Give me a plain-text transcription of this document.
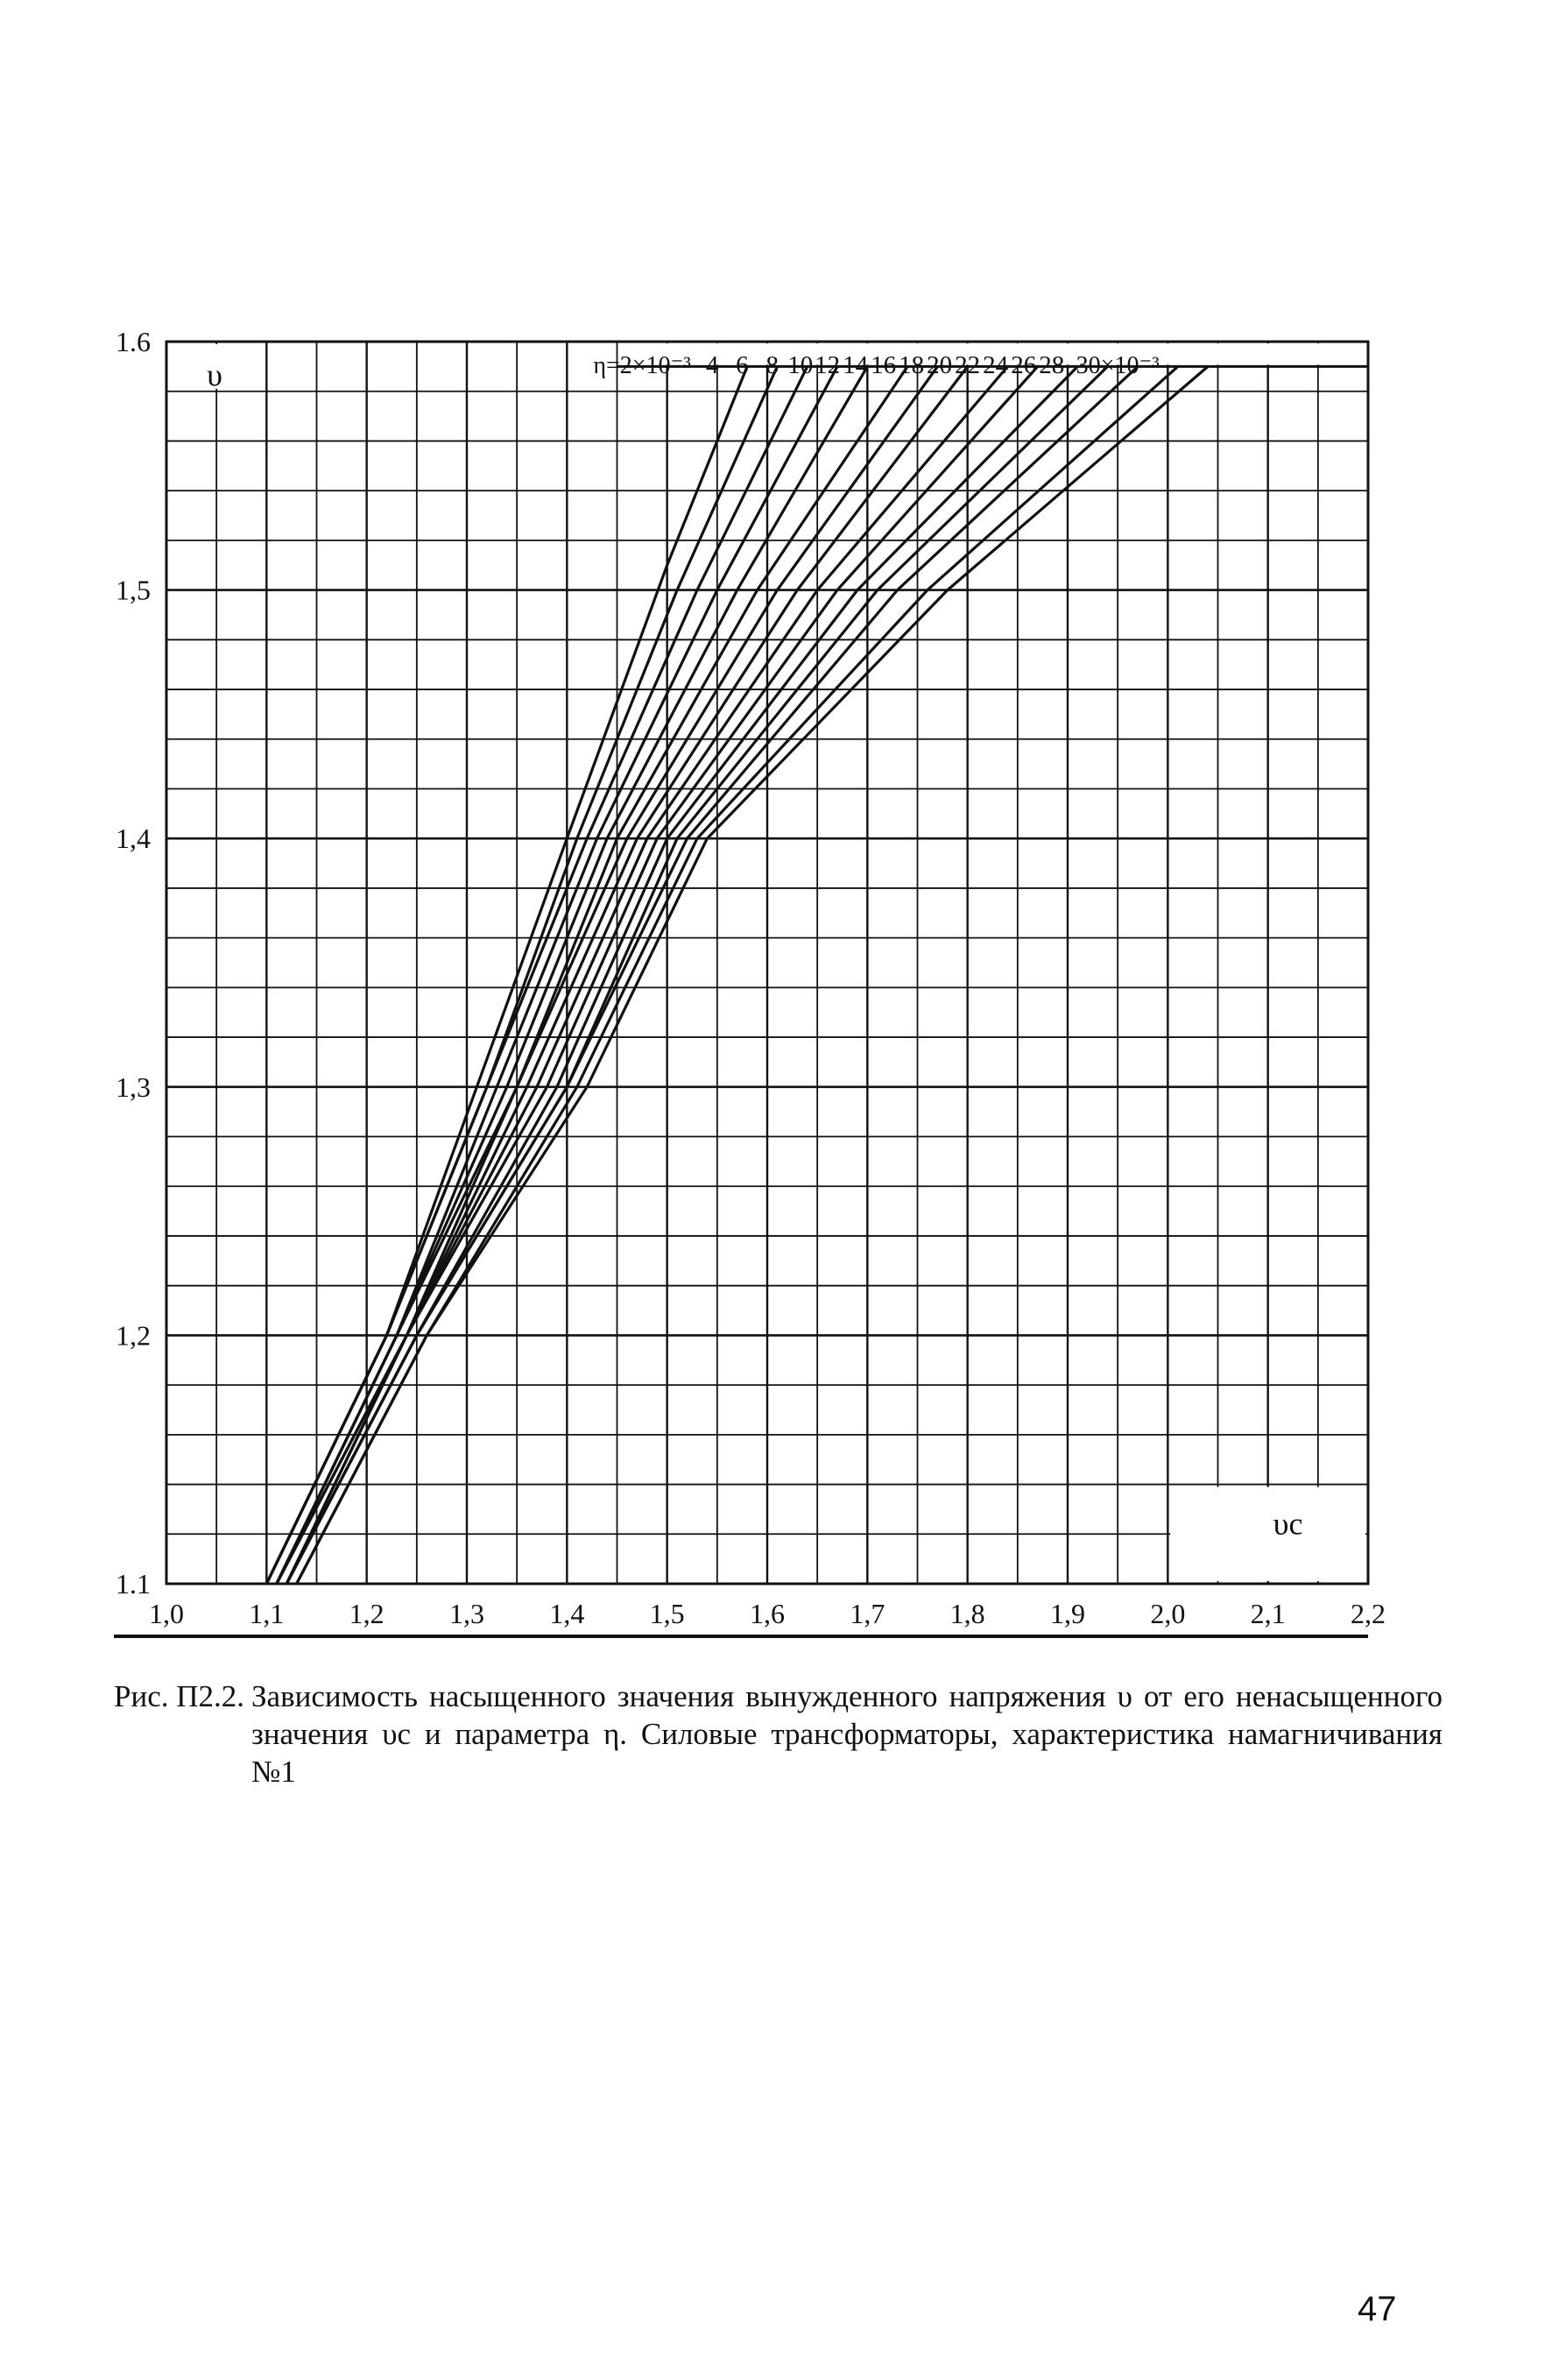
1,0 1,1 1,2 1,3 1,4 1,5 1,6 1,7 1,8 1,9 2,0 2,1 2,2
1.1
1,2
1,3
1,4
1,5
1.6
υ
υc
η=2×10⁻³ 4 6 8 10 12 14 16 18 20 22 24 26 28 30×10⁻³
Рис. П2.2. Зависимость насыщенного значения вынужденного напряжения υ от его ненасыщенного значения υc и параметра η. Силовые трансформаторы, характеристика намагничивания №1
47
